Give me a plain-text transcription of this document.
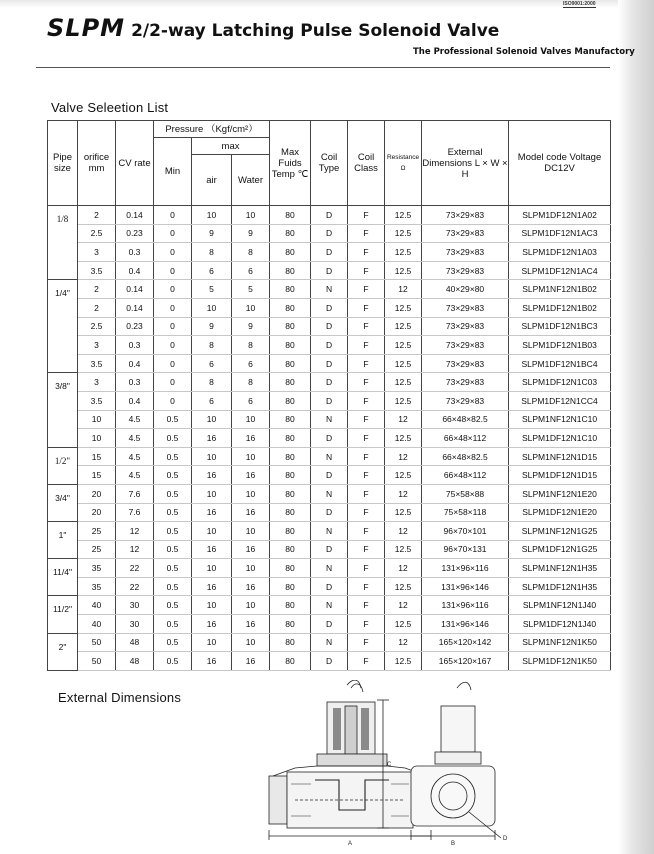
ISO9001:2000
SLPM 2/2-way Latching Pulse Solenoid Valve
The Professional Solenoid Valves Manufactory
Valve Seleetion List
Pipe size	orifice mm	CV rate	Pressure （Kgf/cm²）			Max Fuids Temp ℃	Coil Type	Coil Class	Resistance Ω	External Dimensions L × W × H	Model code Voltage DC12V
			Min	max							
				air	Water						
1/8	2	0.14	0	10	10	80	D	F	12.5	73×29×83	SLPM1DF12N1A02
	2.5	0.23	0	9	9	80	D	F	12.5	73×29×83	SLPM1DF12N1AC3
	3	0.3	0	8	8	80	D	F	12.5	73×29×83	SLPM1DF12N1A03
	3.5	0.4	0	6	6	80	D	F	12.5	73×29×83	SLPM1DF12N1AC4
1/4"	2	0.14	0	5	5	80	N	F	12	40×29×80	SLPM1NF12N1B02
	2	0.14	0	10	10	80	D	F	12.5	73×29×83	SLPM1DF12N1B02
	2.5	0.23	0	9	9	80	D	F	12.5	73×29×83	SLPM1DF12N1BC3
	3	0.3	0	8	8	80	D	F	12.5	73×29×83	SLPM1DF12N1B03
	3.5	0.4	0	6	6	80	D	F	12.5	73×29×83	SLPM1DF12N1BC4
3/8"	3	0.3	0	8	8	80	D	F	12.5	73×29×83	SLPM1DF12N1C03
	3.5	0.4	0	6	6	80	D	F	12.5	73×29×83	SLPM1DF12N1CC4
	10	4.5	0.5	10	10	80	N	F	12	66×48×82.5	SLPM1NF12N1C10
	10	4.5	0.5	16	16	80	D	F	12.5	66×48×112	SLPM1DF12N1C10
1/2"	15	4.5	0.5	10	10	80	N	F	12	66×48×82.5	SLPM1NF12N1D15
	15	4.5	0.5	16	16	80	D	F	12.5	66×48×112	SLPM1DF12N1D15
3/4"	20	7.6	0.5	10	10	80	N	F	12	75×58×88	SLPM1NF12N1E20
	20	7.6	0.5	16	16	80	D	F	12.5	75×58×118	SLPM1DF12N1E20
1"	25	12	0.5	10	10	80	N	F	12	96×70×101	SLPM1NF12N1G25
	25	12	0.5	16	16	80	D	F	12.5	96×70×131	SLPM1DF12N1G25
11/4"	35	22	0.5	10	10	80	N	F	12	131×96×116	SLPM1NF12N1H35
	35	22	0.5	16	16	80	D	F	12.5	131×96×146	SLPM1DF12N1H35
11/2"	40	30	0.5	10	10	80	N	F	12	131×96×116	SLPM1NF12N1J40
	40	30	0.5	16	16	80	D	F	12.5	131×96×146	SLPM1DF12N1J40
2"	50	48	0.5	10	10	80	N	F	12	165×120×142	SLPM1NF12N1K50
	50	48	0.5	16	16	80	D	F	12.5	165×120×167	SLPM1DF12N1K50
External Dimensions
A
C
B
D
